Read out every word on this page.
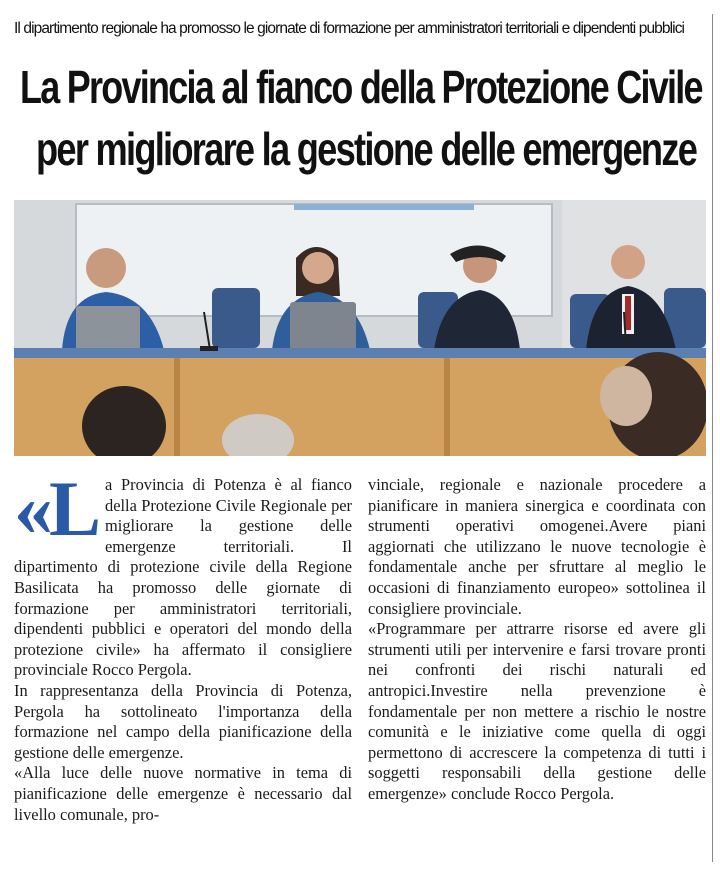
Il dipartimento regionale ha promosso le giornate di formazione per amministratori territoriali e dipendenti pubblici
La Provincia al fianco della Protezione Civile
per migliorare la gestione delle emergenze

«La Provincia di Potenza è al fianco della Protezione Civile Regionale per migliorare la gestione delle emergenze territoriali. Il dipartimento di protezione civile della Regione Basilicata ha promosso delle giornate di formazione per amministratori territoriali, dipendenti pubblici e operatori del mondo della protezione civile» ha affermato il consigliere provinciale Rocco Pergola.

In rappresentanza della Provincia di Potenza, Pergola ha sottolineato l'importanza della formazione nel campo della pianificazione della gestione delle emergenze.

«Alla luce delle nuove normative in tema di pianificazione delle emergenze è necessario dal livello comunale, pro-

vinciale, regionale e nazionale procedere a pianificare in maniera sinergica e coordinata con strumenti operativi omogenei.Avere piani aggiornati che utilizzano le nuove tecnologie è fondamentale anche per sfruttare al meglio le occasioni di finanziamento europeo» sottolinea il consigliere provinciale.

«Programmare per attrarre risorse ed avere gli strumenti utili per intervenire e farsi trovare pronti nei confronti dei rischi naturali ed antropici.Investire nella prevenzione è fondamentale per non mettere a rischio le nostre comunità e le iniziative come quella di oggi permettono di accrescere la competenza di tutti i soggetti responsabili della gestione delle emergenze» conclude Rocco Pergola.
